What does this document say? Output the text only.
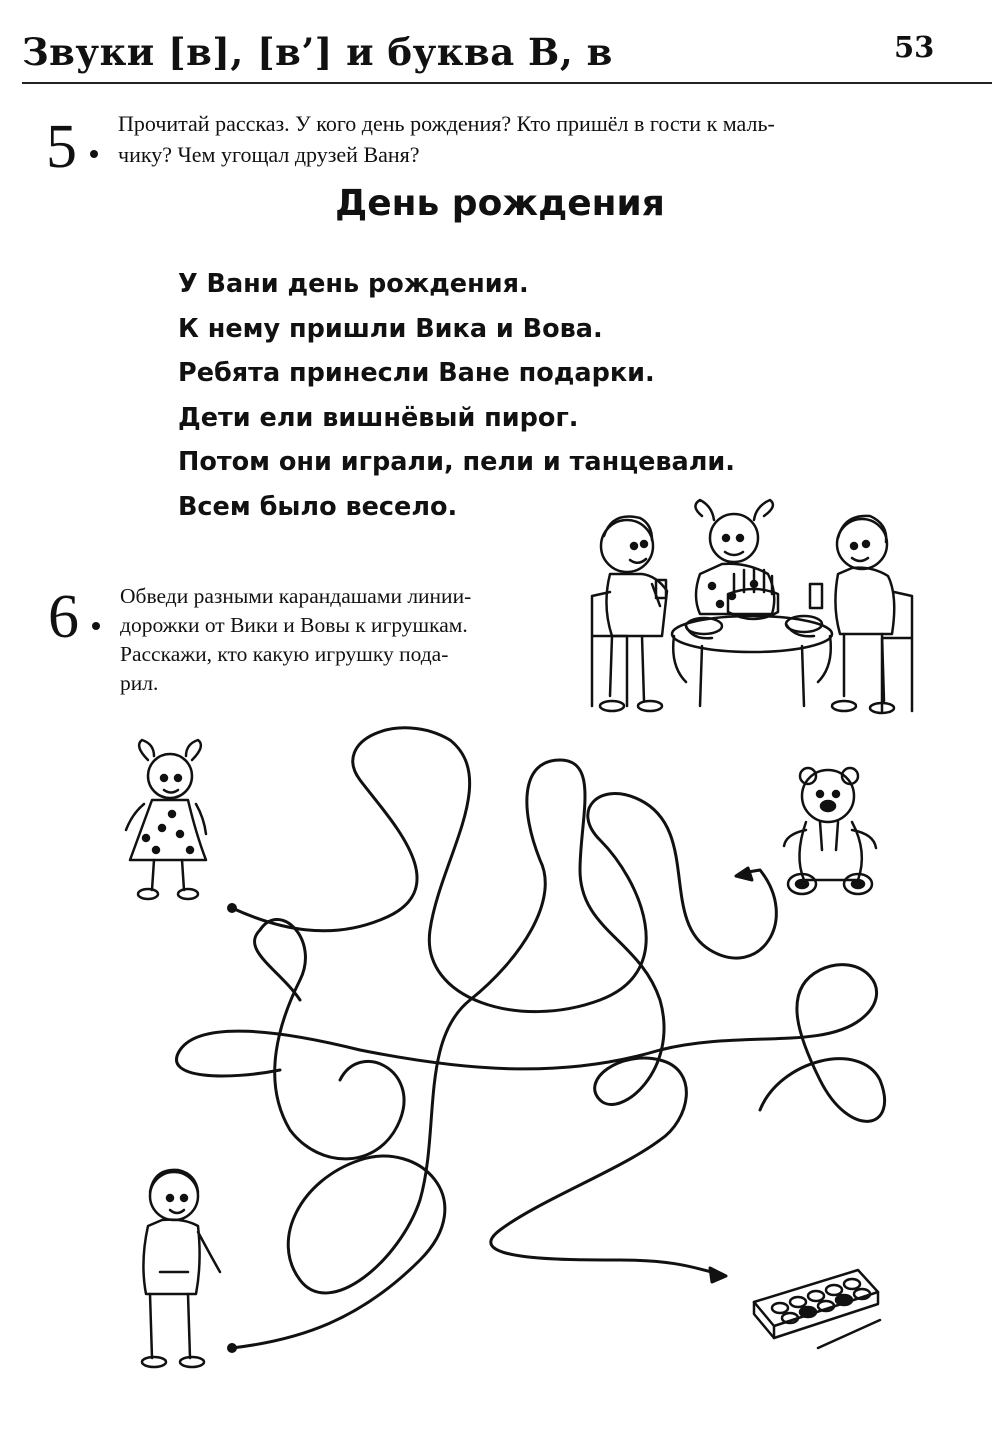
Звуки [в], [в’] и буква В, в	53
5 Прочитай рассказ. У кого день рождения? Кто пришёл в гости к маль-
чику? Чем угощал друзей Ваня?
День рождения
У Вани день рождения.
К нему пришли Вика и Вова.
Ребята принесли Ване подарки.
Дети ели вишнёвый пирог.
Потом они играли, пели и танцевали.
Всем было весело.
6 Обведи разными карандашами линии-
дорожки от Вики и Вовы к игрушкам.
Расскажи, кто какую игрушку пода-
рил.
